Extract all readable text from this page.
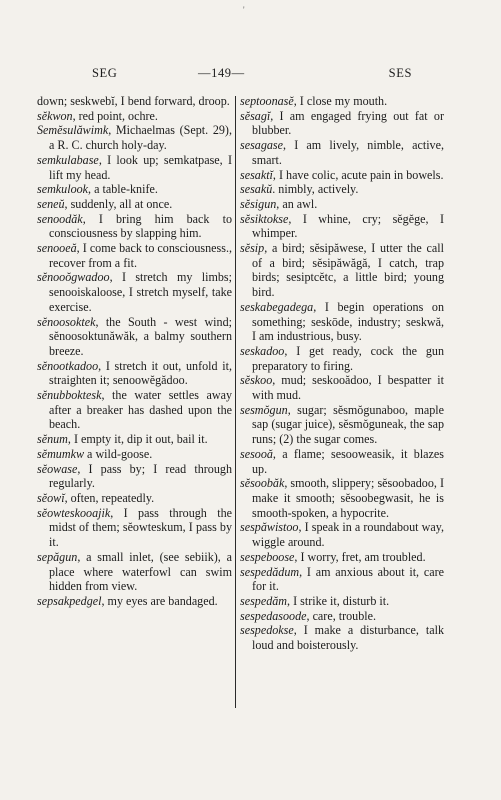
'
SEG	—149—	SES

down; seskwebĭ, I bend forward, droop.

sĕkwon, red point, ochre.

Semĕsulăwimk, Michaelmas (Sept. 29), a R. C. church holy-day.

semkulabase, I look up; semkatpase, I lift my head.

semkulook, a table-knife.

seneŭ, suddenly, all at once.

senoodăk, I bring him back to consciousness by slapping him.

senooeă, I come back to consciousness., recover from a fit.

sĕnooŏgwadoo, I stretch my limbs; senooiskaloose, I stretch myself, take exercise.

sĕnoosoktek, the South - west wind; sĕnoosoktunăwăk, a balmy southern breeze.

sĕnootkadoo, I stretch it out, unfold it, straighten it; senoowĕgădoo.

sĕnubboktesk, the water settles away after a breaker has dashed upon the beach.

sĕnum, I empty it, dip it out, bail it.

sĕmumkw a wild-goose.

sĕowase, I pass by; I read through regularly.

sĕowĭ, often, repeatedly.

sĕowteskooajik, I pass through the midst of them; sĕowteskum, I pass by it.

sepăgun, a small inlet, (see sebiik), a place where waterfowl can swim hidden from view.

sepsakpedgel, my eyes are bandaged.

septoonasĕ, I close my mouth.

sĕsagĭ, I am engaged frying out fat or blubber.

sesagase, I am lively, nimble, active, smart.

sesaktĭ, I have colic, acute pain in bowels.

sesakŭ. nimbly, actively.

sĕsigun, an awl.

sĕsiktokse, I whine, cry; sĕgĕge, I whimper.

sĕsip, a bird; sĕsipăwese, I utter the call of a bird; sĕsipăwăgă, I catch, trap birds; sesiptcĕtc, a little bird; young bird.

seskabegadega, I begin operations on something; seskōde, industry; seskwă, I am industrious, busy.

seskadoo, I get ready, cock the gun preparatory to firing.

sĕskoo, mud; seskooădoo, I bespatter it with mud.

sesmŏgun, sugar; sĕsmŏgunaboo, maple sap (sugar juice), sĕsmŏguneak, the sap runs; (2) the sugar comes.

sesooă, a flame; sesooweasik, it blazes up.

sĕsoobăk, smooth, slippery; sĕsoobadoo, I make it smooth; sĕsoobegwasit, he is smooth-spoken, a hypocrite.

sespăwistoo, I speak in a roundabout way, wiggle around.

sespeboose, I worry, fret, am troubled.

sespedădum, I am anxious about it, care for it.

sespedăm, I strike it, disturb it.

sespedasoode, care, trouble.

sespedokse, I make a disturbance, talk loud and boisterously.
